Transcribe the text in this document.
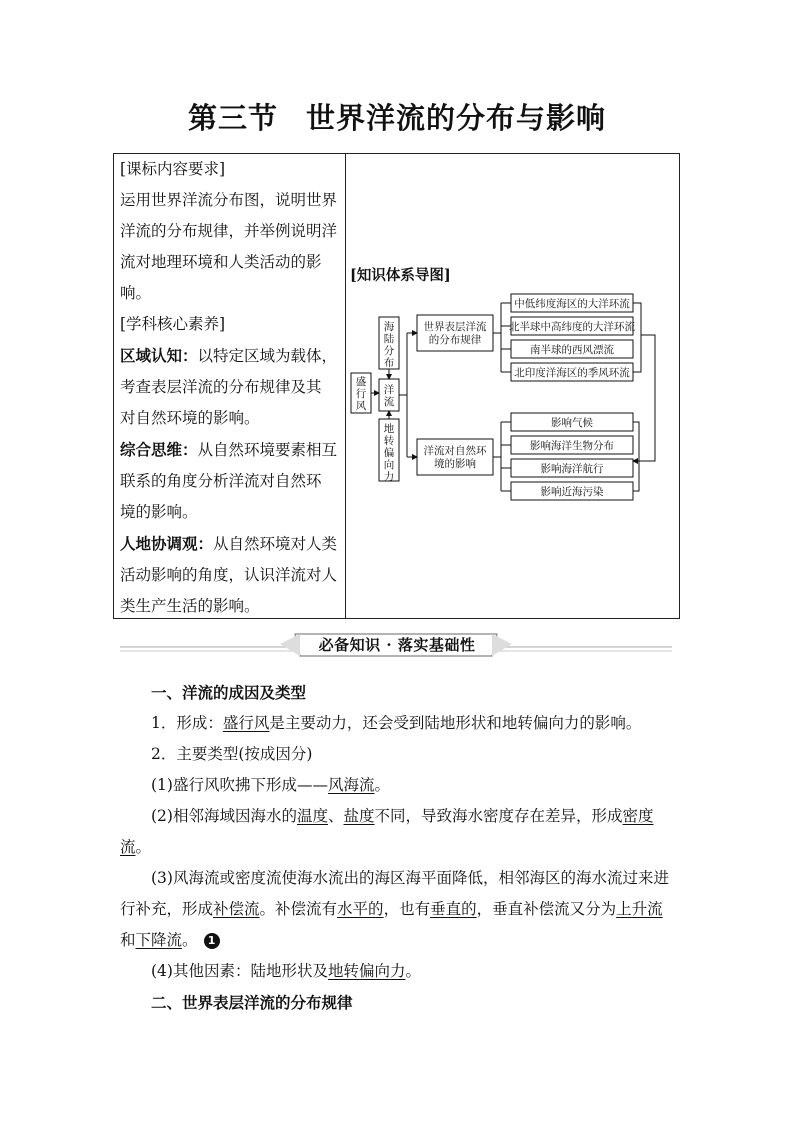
第三节 世界洋流的分布与影响
[课标内容要求]
运用世界洋流分布图，说明世界
洋流的分布规律，并举例说明洋
流对地理环境和人类活动的影
响。
[学科核心素养]
区域认知：以特定区域为载体，
考查表层洋流的分布规律及其
对自然环境的影响。
综合思维：从自然环境要素相互
联系的角度分析洋流对自然环
境的影响。
人地协调观：从自然环境对人类
活动影响的角度，认识洋流对人
类生产生活的影响。
[知识体系导图]
盛
行
风
海
陆
分
布
洋
流
地
转
偏
向
力
世界表层洋流
的分布规律
洋流对自然环
境的影响
中低纬度海区的大洋环流
北半球中高纬度的大洋环流
南半球的西风漂流
北印度洋海区的季风环流
影响气候
影响海洋生物分布
影响海洋航行
影响近海污染
必备知识 · 落实基础性
一、洋流的成因及类型
1．形成：盛行风是主要动力，还会受到陆地形状和地转偏向力的影响。
2．主要类型(按成因分)
(1)盛行风吹拂下形成——风海流。
(2)相邻海域因海水的温度、盐度不同，导致海水密度存在差异，形成密度流。
(3)风海流或密度流使海水流出的海区海平面降低，相邻海区的海水流过来进行补充，形成补偿流。补偿流有水平的，也有垂直的，垂直补偿流又分为上升流和下降流。 1
(4)其他因素：陆地形状及地转偏向力。
二、世界表层洋流的分布规律
